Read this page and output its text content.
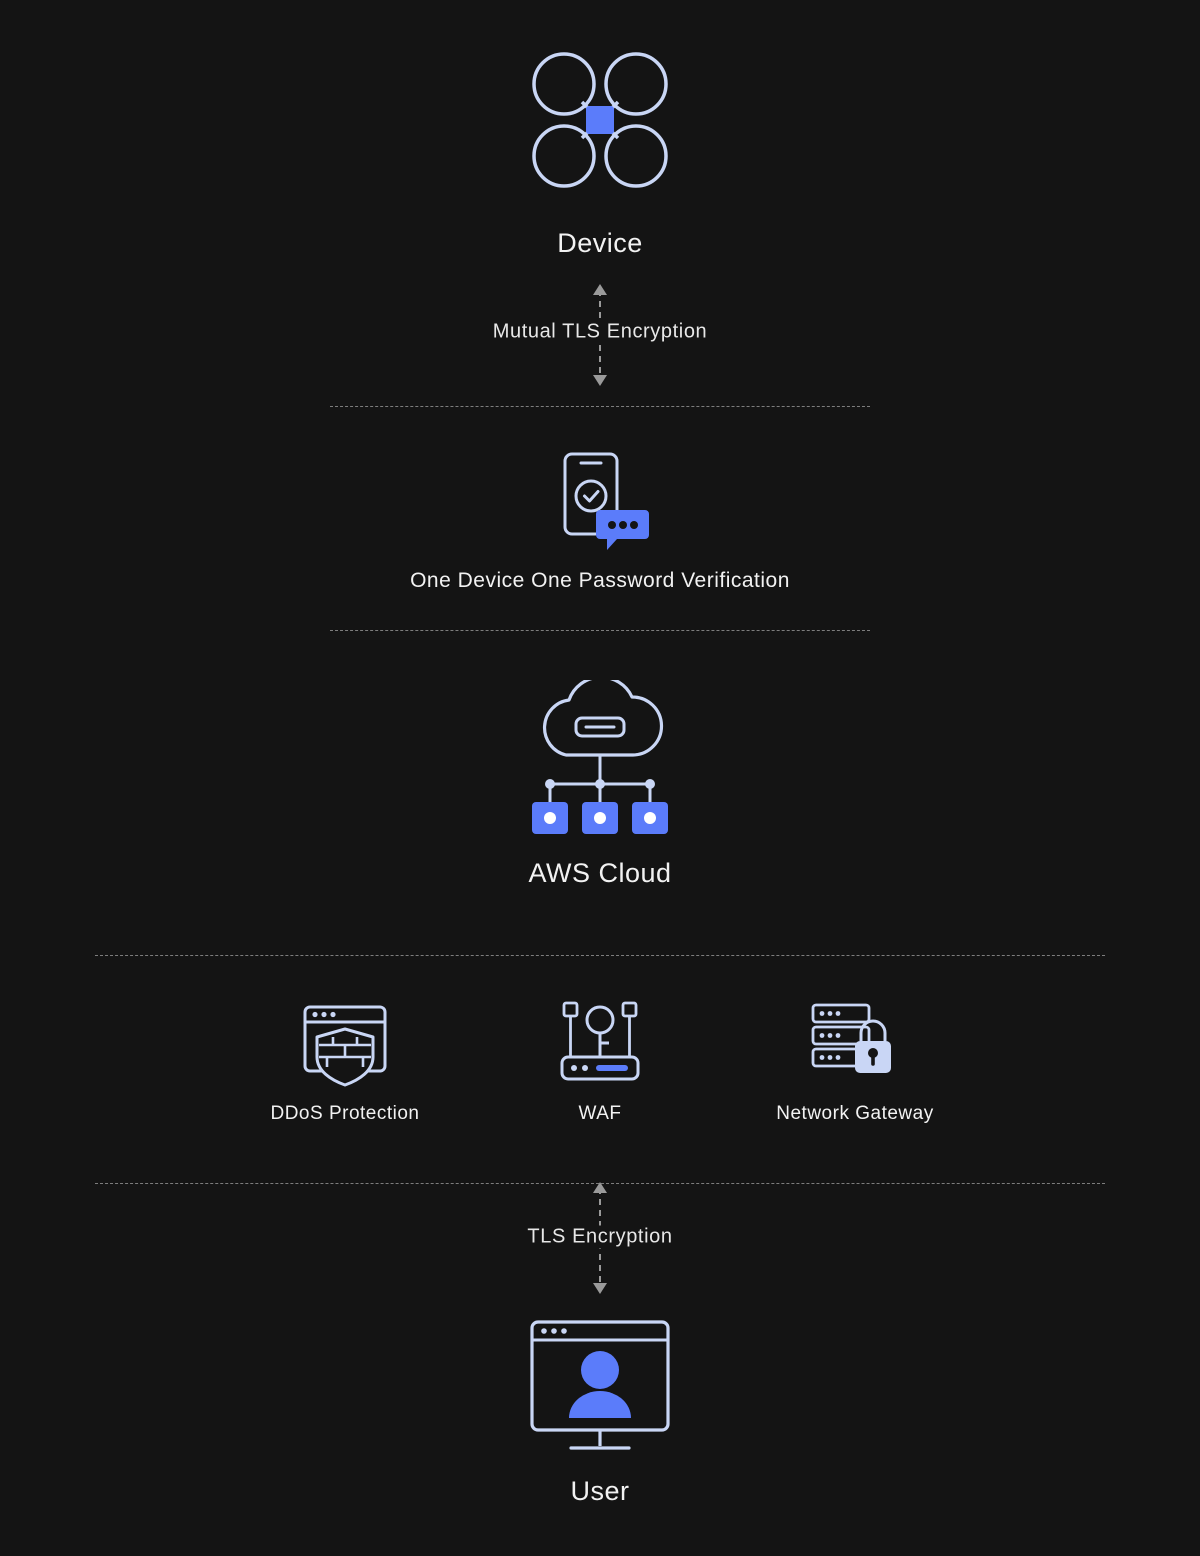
Device
Mutual TLS Encryption
One Device One Password Verification
AWS Cloud
DDoS Protection	WAF	Network Gateway
TLS Encryption
User
